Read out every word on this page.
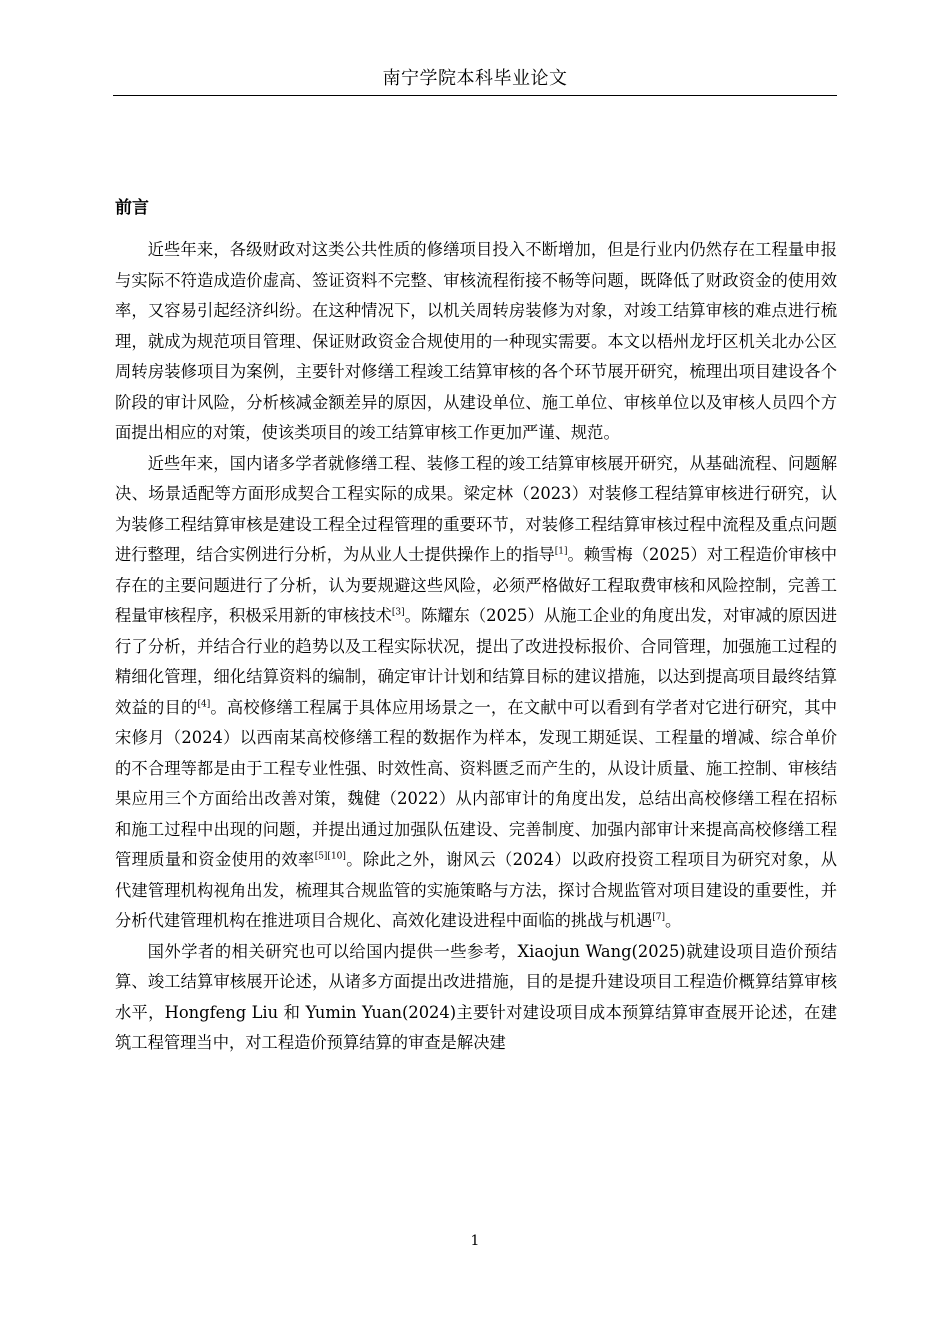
南宁学院本科毕业论文
前言

近些年来，各级财政对这类公共性质的修缮项目投入不断增加，但是行业内仍然存在工程量申报与实际不符造成造价虚高、签证资料不完整、审核流程衔接不畅等问题，既降低了财政资金的使用效率，又容易引起经济纠纷。在这种情况下，以机关周转房装修为对象，对竣工结算审核的难点进行梳理，就成为规范项目管理、保证财政资金合规使用的一种现实需要。本文以梧州龙圩区机关北办公区周转房装修项目为案例，主要针对修缮工程竣工结算审核的各个环节展开研究，梳理出项目建设各个阶段的审计风险，分析核减金额差异的原因，从建设单位、施工单位、审核单位以及审核人员四个方面提出相应的对策，使该类项目的竣工结算审核工作更加严谨、规范。

近些年来，国内诸多学者就修缮工程、装修工程的竣工结算审核展开研究，从基础流程、问题解决、场景适配等方面形成契合工程实际的成果。梁定林（2023）对装修工程结算审核进行研究，认为装修工程结算审核是建设工程全过程管理的重要环节，对装修工程结算审核过程中流程及重点问题进行整理，结合实例进行分析，为从业人士提供操作上的指导[1]。赖雪梅（2025）对工程造价审核中存在的主要问题进行了分析，认为要规避这些风险，必须严格做好工程取费审核和风险控制，完善工程量审核程序，积极采用新的审核技术[3]。陈耀东（2025）从施工企业的角度出发，对审减的原因进行了分析，并结合行业的趋势以及工程实际状况，提出了改进投标报价、合同管理，加强施工过程的精细化管理，细化结算资料的编制，确定审计计划和结算目标的建议措施，以达到提高项目最终结算效益的目的[4]。高校修缮工程属于具体应用场景之一，在文献中可以看到有学者对它进行研究，其中宋修月（2024）以西南某高校修缮工程的数据作为样本，发现工期延误、工程量的增减、综合单价的不合理等都是由于工程专业性强、时效性高、资料匮乏而产生的，从设计质量、施工控制、审核结果应用三个方面给出改善对策，魏健（2022）从内部审计的角度出发，总结出高校修缮工程在招标和施工过程中出现的问题，并提出通过加强队伍建设、完善制度、加强内部审计来提高高校修缮工程管理质量和资金使用的效率[5][10]。除此之外，谢风云（2024）以政府投资工程项目为研究对象，从代建管理机构视角出发，梳理其合规监管的实施策略与方法，探讨合规监管对项目建设的重要性，并分析代建管理机构在推进项目合规化、高效化建设进程中面临的挑战与机遇[7]。

国外学者的相关研究也可以给国内提供一些参考，Xiaojun Wang(2025)就建设项目造价预结算、竣工结算审核展开论述，从诸多方面提出改进措施，目的是提升建设项目工程造价概算结算审核水平，Hongfeng Liu 和 Yumin Yuan(2024)主要针对建设项目成本预算结算审查展开论述，在建筑工程管理当中，对工程造价预算结算的审查是解决建

1
